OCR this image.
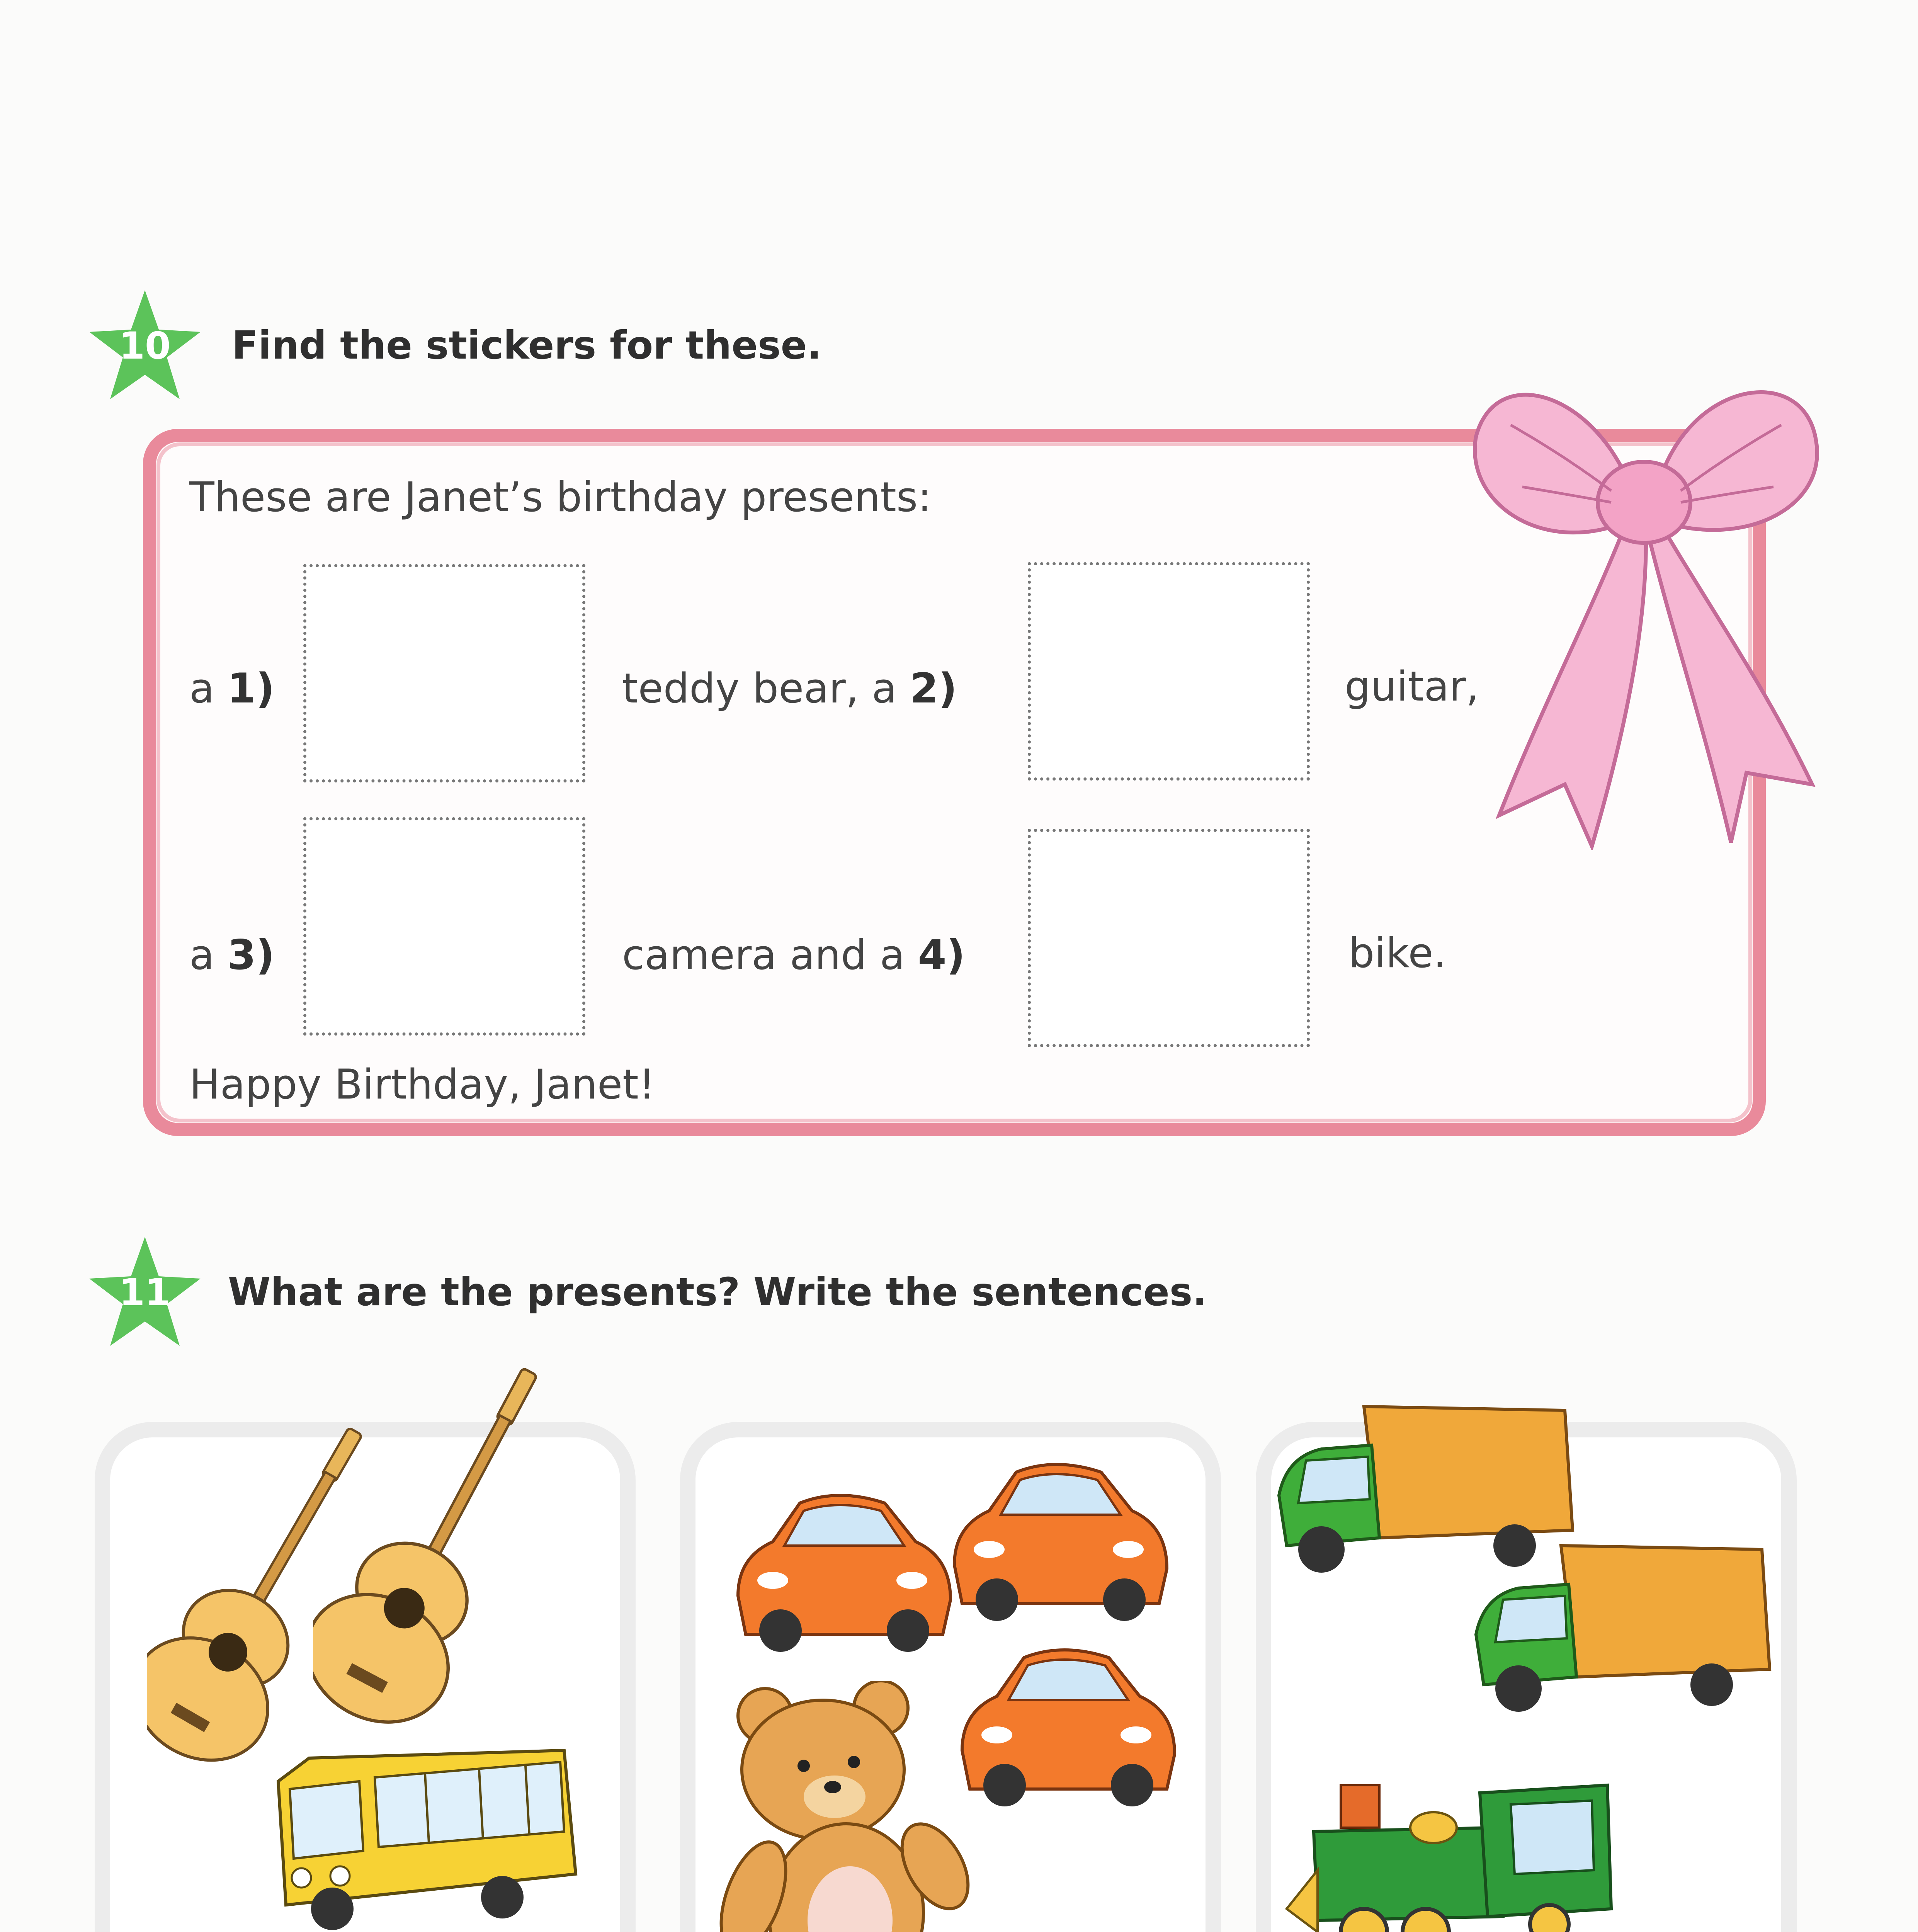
10	Find the stickers for these.
These are Janet’s birthday presents:
a 1)	teddy bear, a 2)	guitar,
a 3)	camera and a 4)	bike.
Happy Birthday, Janet!
11	What are the presents? Write the sentences.
